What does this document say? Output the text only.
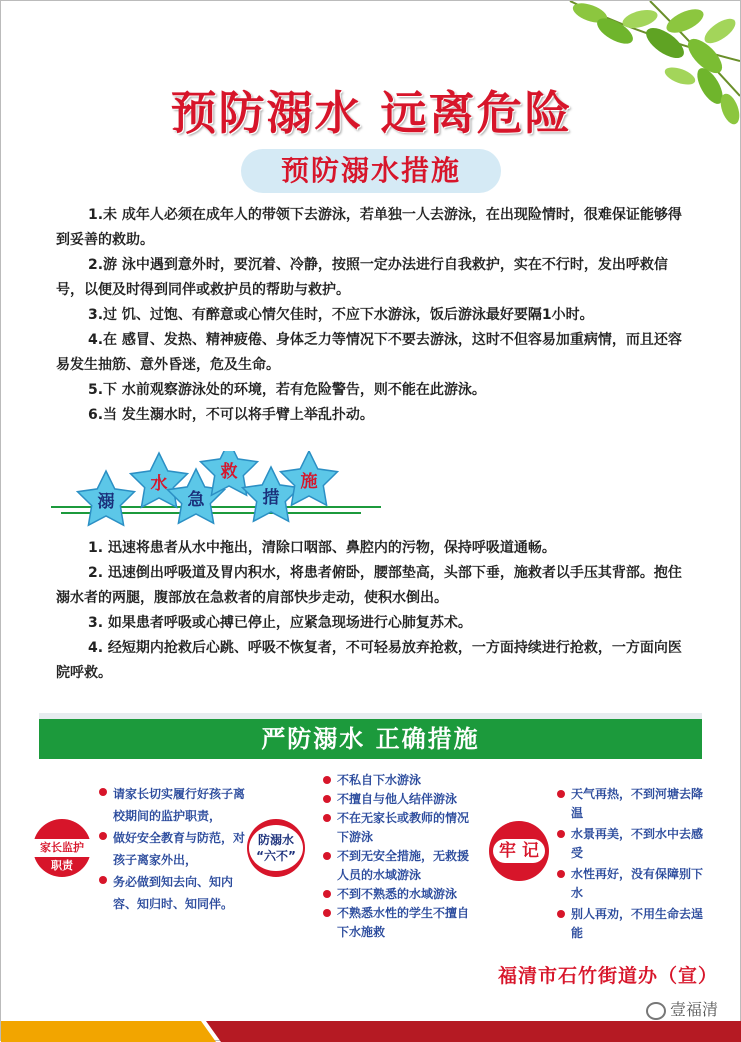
预防溺水 远离危险
预防溺水措施

1.未 成年人必须在成年人的带领下去游泳，若单独一人去游泳，在出现险情时，很难保证能够得到妥善的救助。

2.游 泳中遇到意外时，要沉着、冷静，按照一定办法进行自我救护，实在不行时，发出呼救信号，以便及时得到同伴或救护员的帮助与救护。

3.过 饥、过饱、有醉意或心情欠佳时，不应下水游泳，饭后游泳最好要隔1小时。

4.在 感冒、发热、精神疲倦、身体乏力等情况下不要去游泳，这时不但容易加重病情，而且还容易发生抽筋、意外昏迷，危及生命。

5.下 水前观察游泳处的环境，若有危险警告，则不能在此游泳。

6.当 发生溺水时，不可以将手臂上举乱扑动。

溺
水
急
救
措
施

1. 迅速将患者从水中拖出，清除口咽部、鼻腔内的污物，保持呼吸道通畅。

2. 迅速倒出呼吸道及胃内积水，将患者俯卧，腰部垫高，头部下垂，施救者以手压其背部。抱住溺水者的两腿，腹部放在急救者的肩部快步走动，使积水倒出。

3. 如果患者呼吸或心搏已停止，应紧急现场进行心肺复苏术。

4. 经短期内抢救后心跳、呼吸不恢复者，不可轻易放弃抢救，一方面持续进行抢救，一方面向医院呼救。

严防溺水 正确措施
家长监护
职责
请家长切实履行好孩子离校期间的监护职责，
做好安全教育与防范，对孩子离家外出，
务必做到知去向、知内容、知归时、知同伴。
防溺水
“六不”
不私自下水游泳
不擅自与他人结伴游泳
不在无家长或教师的情况下游泳
不到无安全措施，无救援人员的水域游泳
不到不熟悉的水域游泳
不熟悉水性的学生不擅自下水施救
牢 记
天气再热，不到河塘去降温
水景再美，不到水中去感受
水性再好，没有保障别下水
别人再劝，不用生命去逞能
福清市石竹街道办（宣）
壹福清
